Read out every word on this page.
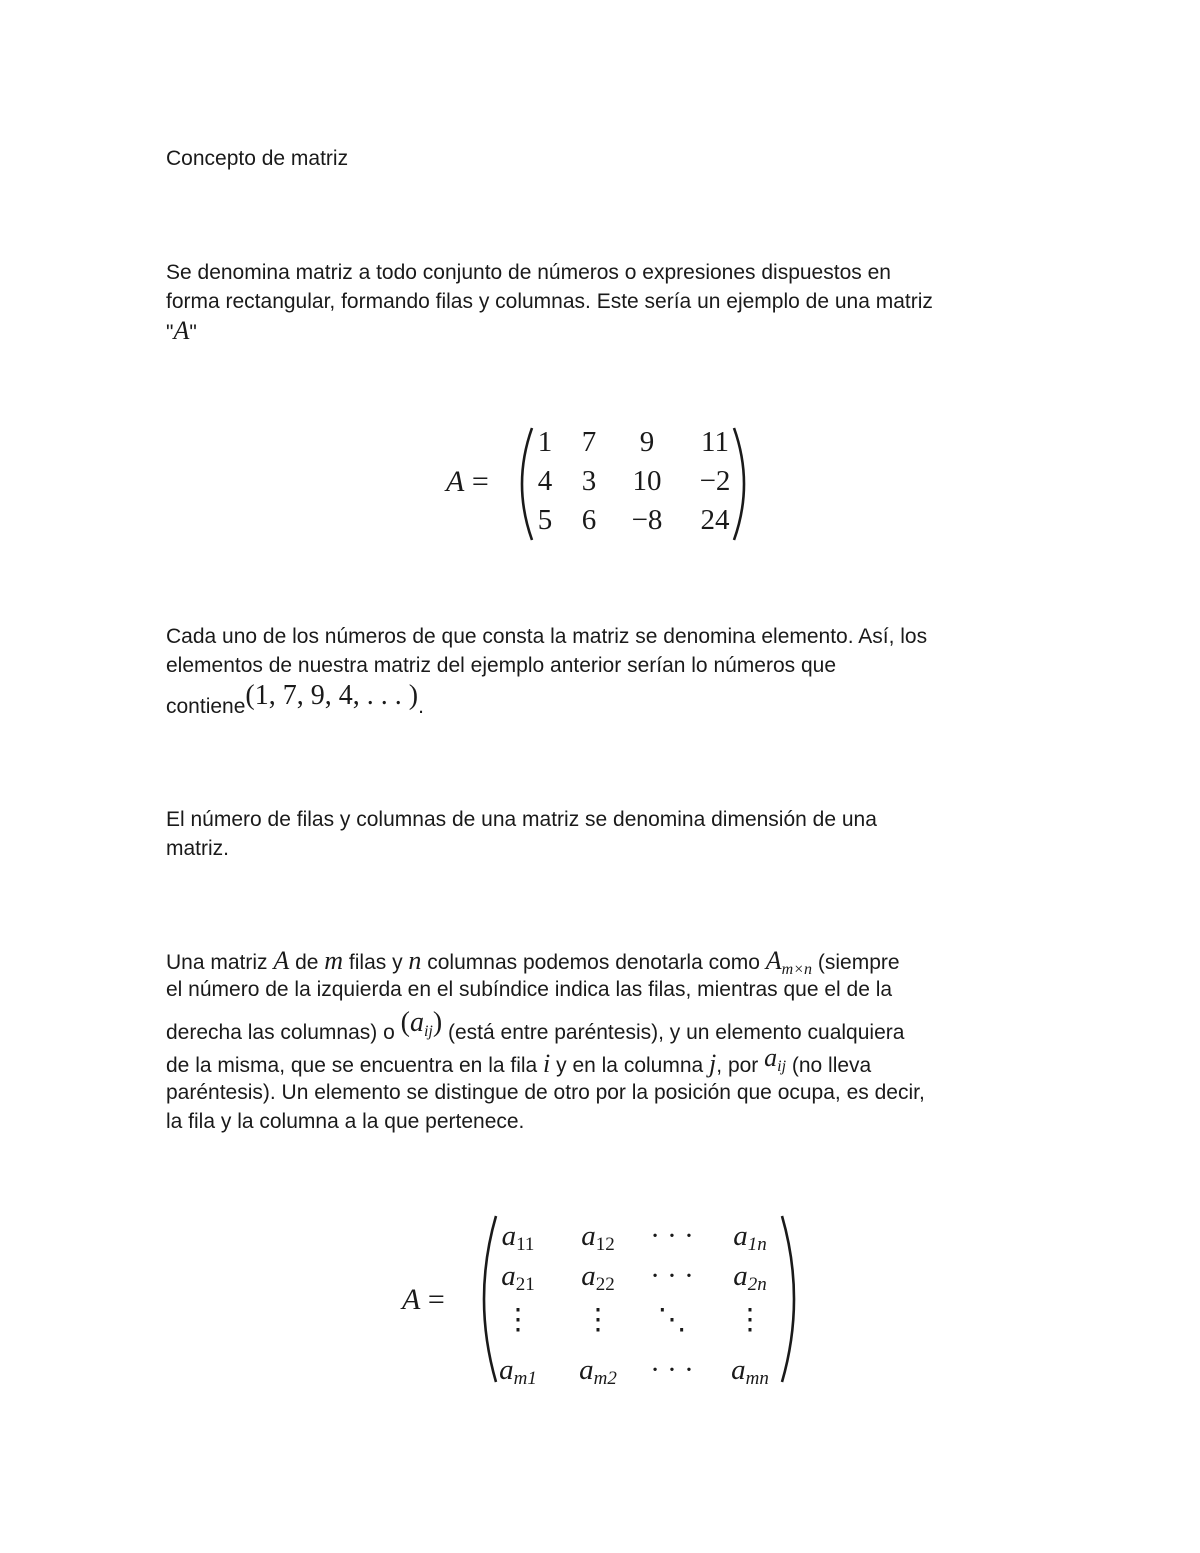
Concepto de matriz
Se denomina matriz a todo conjunto de números o expresiones dispuestos en
forma rectangular, formando filas y columnas. Este sería un ejemplo de una matriz
"A"
A =
1	7	9	11
4	3	10	−2
5	6	−8	24
Cada uno de los números de que consta la matriz se denomina elemento. Así, los
elementos de nuestra matriz del ejemplo anterior serían lo números que
contiene(1, 7, 9, 4, . . . ).
El número de filas y columnas de una matriz se denomina dimensión de una
matriz.
Una matriz A de m filas y n columnas podemos denotarla como $A_{m\times n}$ (siempre
el número de la izquierda en el subíndice indica las filas, mientras que el de la
derecha las columnas) o $(a_{ij})$ (está entre paréntesis), y un elemento cualquiera
de la misma, que se encuentra en la fila i y en la columna j, por $a_{ij}$ (no lleva
paréntesis). Un elemento se distingue de otro por la posición que ocupa, es decir,
la fila y la columna a la que pertenece.
A =
$a_{11}$	$a_{12}$	· · ·	$a_{1n}$
$a_{21}$	$a_{22}$	· · ·	$a_{2n}$
⋮	⋮	⋱	⋮
$a_{m1}$	$a_{m2}$	· · ·	$a_{mn}$
